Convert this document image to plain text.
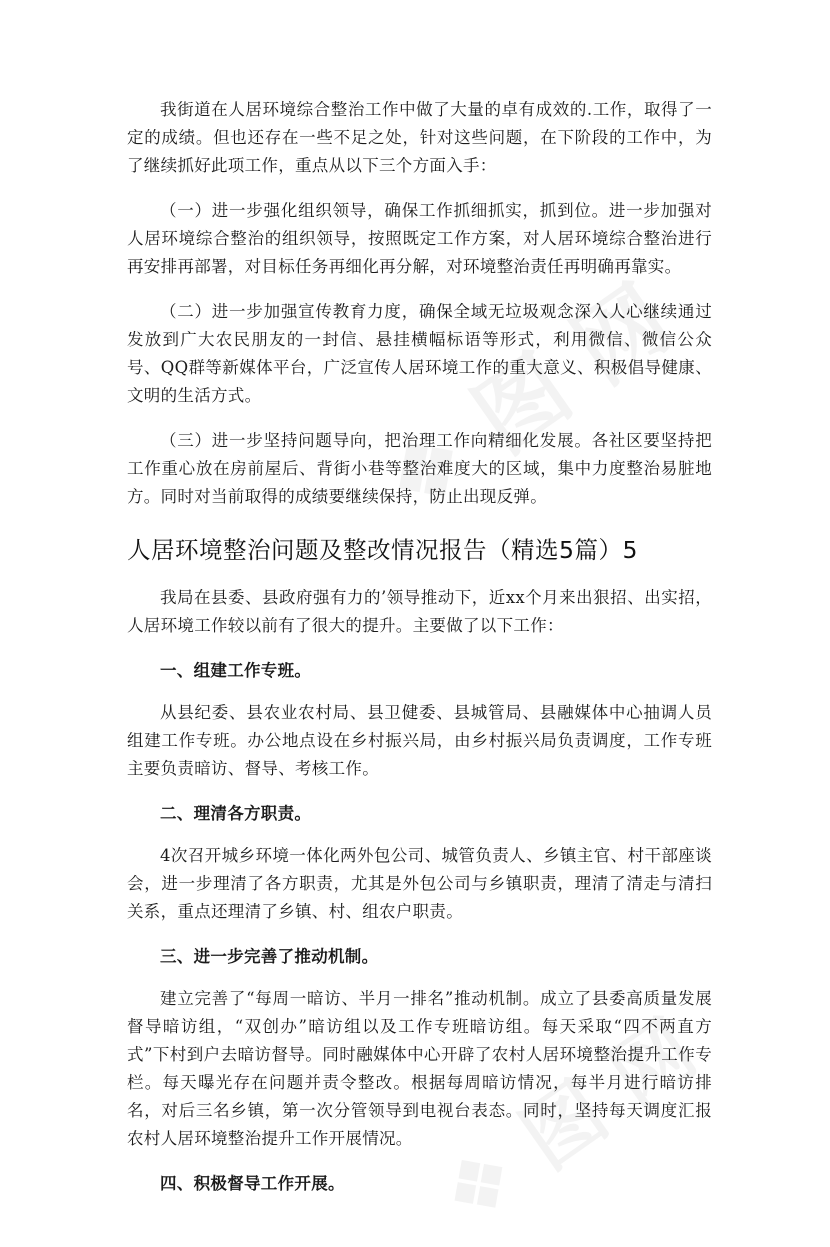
我街道在人居环境综合整治工作中做了大量的卓有成效的.工作，取得了一定的成绩。但也还存在一些不足之处，针对这些问题，在下阶段的工作中，为了继续抓好此项工作，重点从以下三个方面入手：

（一）进一步强化组织领导，确保工作抓细抓实，抓到位。进一步加强对人居环境综合整治的组织领导，按照既定工作方案，对人居环境综合整治进行再安排再部署，对目标任务再细化再分解，对环境整治责任再明确再靠实。

（二）进一步加强宣传教育力度，确保全域无垃圾观念深入人心继续通过发放到广大农民朋友的一封信、悬挂横幅标语等形式，利用微信、微信公众号、QQ群等新媒体平台，广泛宣传人居环境工作的重大意义、积极倡导健康、文明的生活方式。

（三）进一步坚持问题导向，把治理工作向精细化发展。各社区要坚持把工作重心放在房前屋后、背街小巷等整治难度大的区域，集中力度整治易脏地方。同时对当前取得的成绩要继续保持，防止出现反弹。

人居环境整治问题及整改情况报告（精选5篇）5

我局在县委、县政府强有力的’领导推动下，近xx个月来出狠招、出实招，人居环境工作较以前有了很大的提升。主要做了以下工作：

一、组建工作专班。

从县纪委、县农业农村局、县卫健委、县城管局、县融媒体中心抽调人员组建工作专班。办公地点设在乡村振兴局，由乡村振兴局负责调度，工作专班主要负责暗访、督导、考核工作。

二、理清各方职责。

4次召开城乡环境一体化两外包公司、城管负责人、乡镇主官、村干部座谈会，进一步理清了各方职责，尤其是外包公司与乡镇职责，理清了清走与清扫关系，重点还理清了乡镇、村、组农户职责。

三、进一步完善了推动机制。

建立完善了“每周一暗访、半月一排名”推动机制。成立了县委高质量发展督导暗访组，“双创办”暗访组以及工作专班暗访组。每天采取“四不两直方式”下村到户去暗访督导。同时融媒体中心开辟了农村人居环境整治提升工作专栏。每天曝光存在问题并责令整改。根据每周暗访情况，每半月进行暗访排名，对后三名乡镇，第一次分管领导到电视台表态。同时，坚持每天调度汇报农村人居环境整治提升工作开展情况。

四、积极督导工作开展。
